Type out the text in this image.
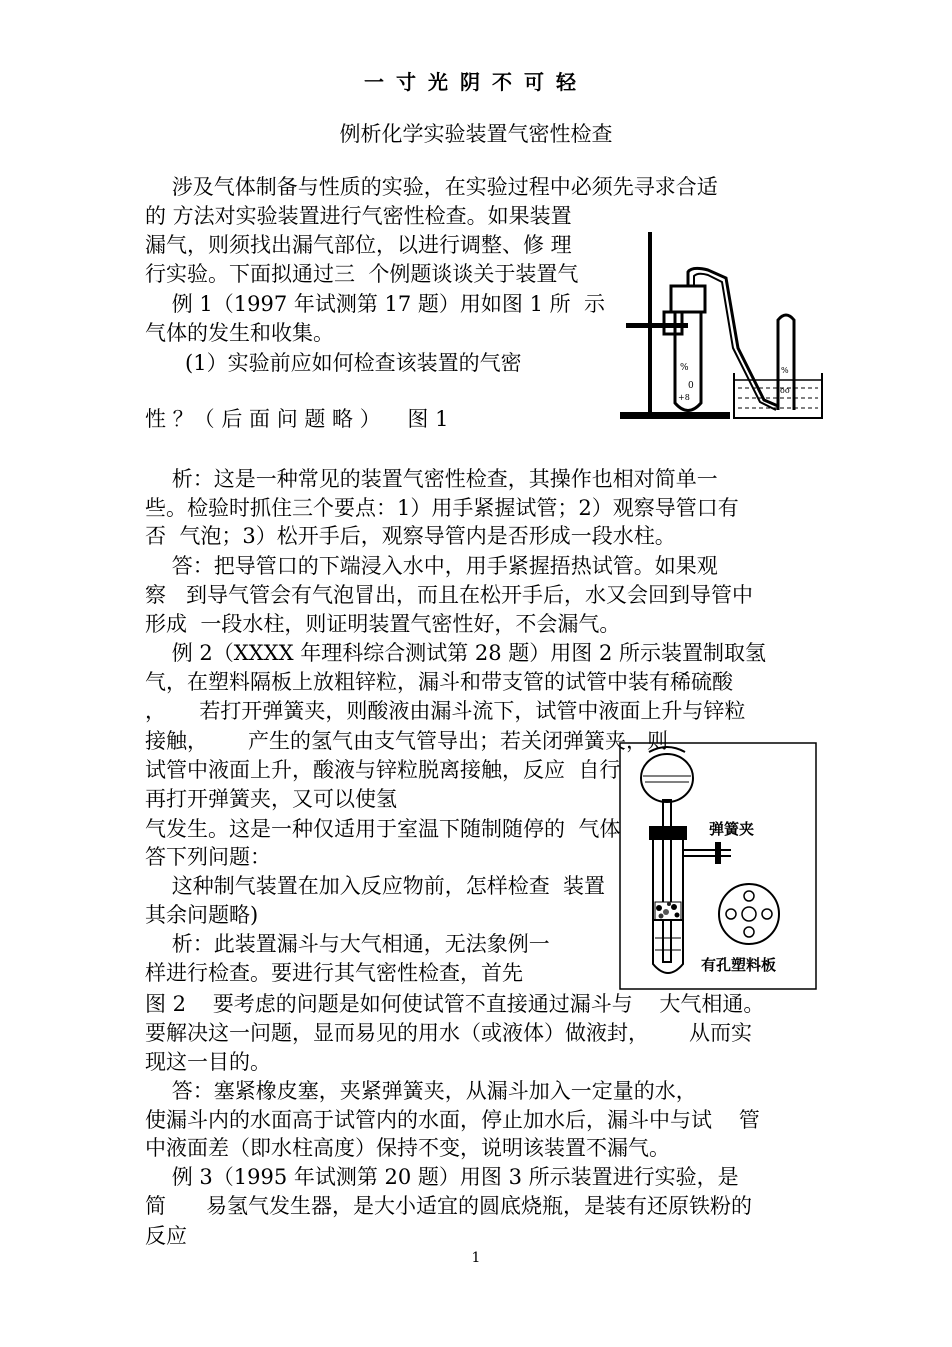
一寸光阴不可轻
例析化学实验装置气密性检查
涉及气体制备与性质的实验，在实验过程中必须先寻求合适
的 方法对实验装置进行气密性检查。如果装置
漏气，则须找出漏气部位，以进行调整、修 理
行实验。下面拟通过三  个例题谈谈关于装置气
例 1（1997 年试测第 17 题）用如图 1 所  示
气体的发生和收集。
(1）实验前应如何检查该装置的气密
性 ？（ 后 面 问 题 略 ）    图 1
析：这是一种常见的装置气密性检查，其操作也相对简单一
些。检验时抓住三个要点：1）用手紧握试管；2）观察导管口有
否  气泡；3）松开手后，观察导管内是否形成一段水柱。
答：把导管口的下端浸入水中，用手紧握捂热试管。如果观
察   到导气管会有气泡冒出，而且在松开手后，水又会回到导管中
形成  一段水柱，则证明装置气密性好，不会漏气。
例 2（XXXX 年理科综合测试第 28 题）用图 2 所示装置制取氢
气，在塑料隔板上放粗锌粒，漏斗和带支管的试管中装有稀硫酸
，     若打开弹簧夹，则酸液由漏斗流下，试管中液面上升与锌粒
接触，      产生的氢气由支气管导出；若关闭弹簧夹，则
试管中液面上升，酸液与锌粒脱离接触，反应  自行
再打开弹簧夹，又可以使氢
气发生。这是一种仅适用于室温下随制随停的  气体
答下列问题：
这种制气装置在加入反应物前，怎样检查  装置
其余问题略)
析：此装置漏斗与大气相通，无法象例一
样进行检查。要进行其气密性检查，首先
图 2    要考虑的问题是如何使试管不直接通过漏斗与    大气相通。
要解决这一问题，显而易见的用水（或液体）做液封，      从而实
现这一目的。
答：塞紧橡皮塞，夹紧弹簧夹，从漏斗加入一定量的水，
使漏斗内的水面高于试管内的水面，停止加水后，漏斗中与试    管
中液面差（即水柱高度）保持不变，说明该装置不漏气。
例 3（1995 年试测第 20 题）用图 3 所示装置进行实验，是
简      易氢气发生器，是大小适宜的圆底烧瓶，是装有还原铁粉的
反应
%
0
+8
%
oo
弹簧夹
有孔塑料板
1
